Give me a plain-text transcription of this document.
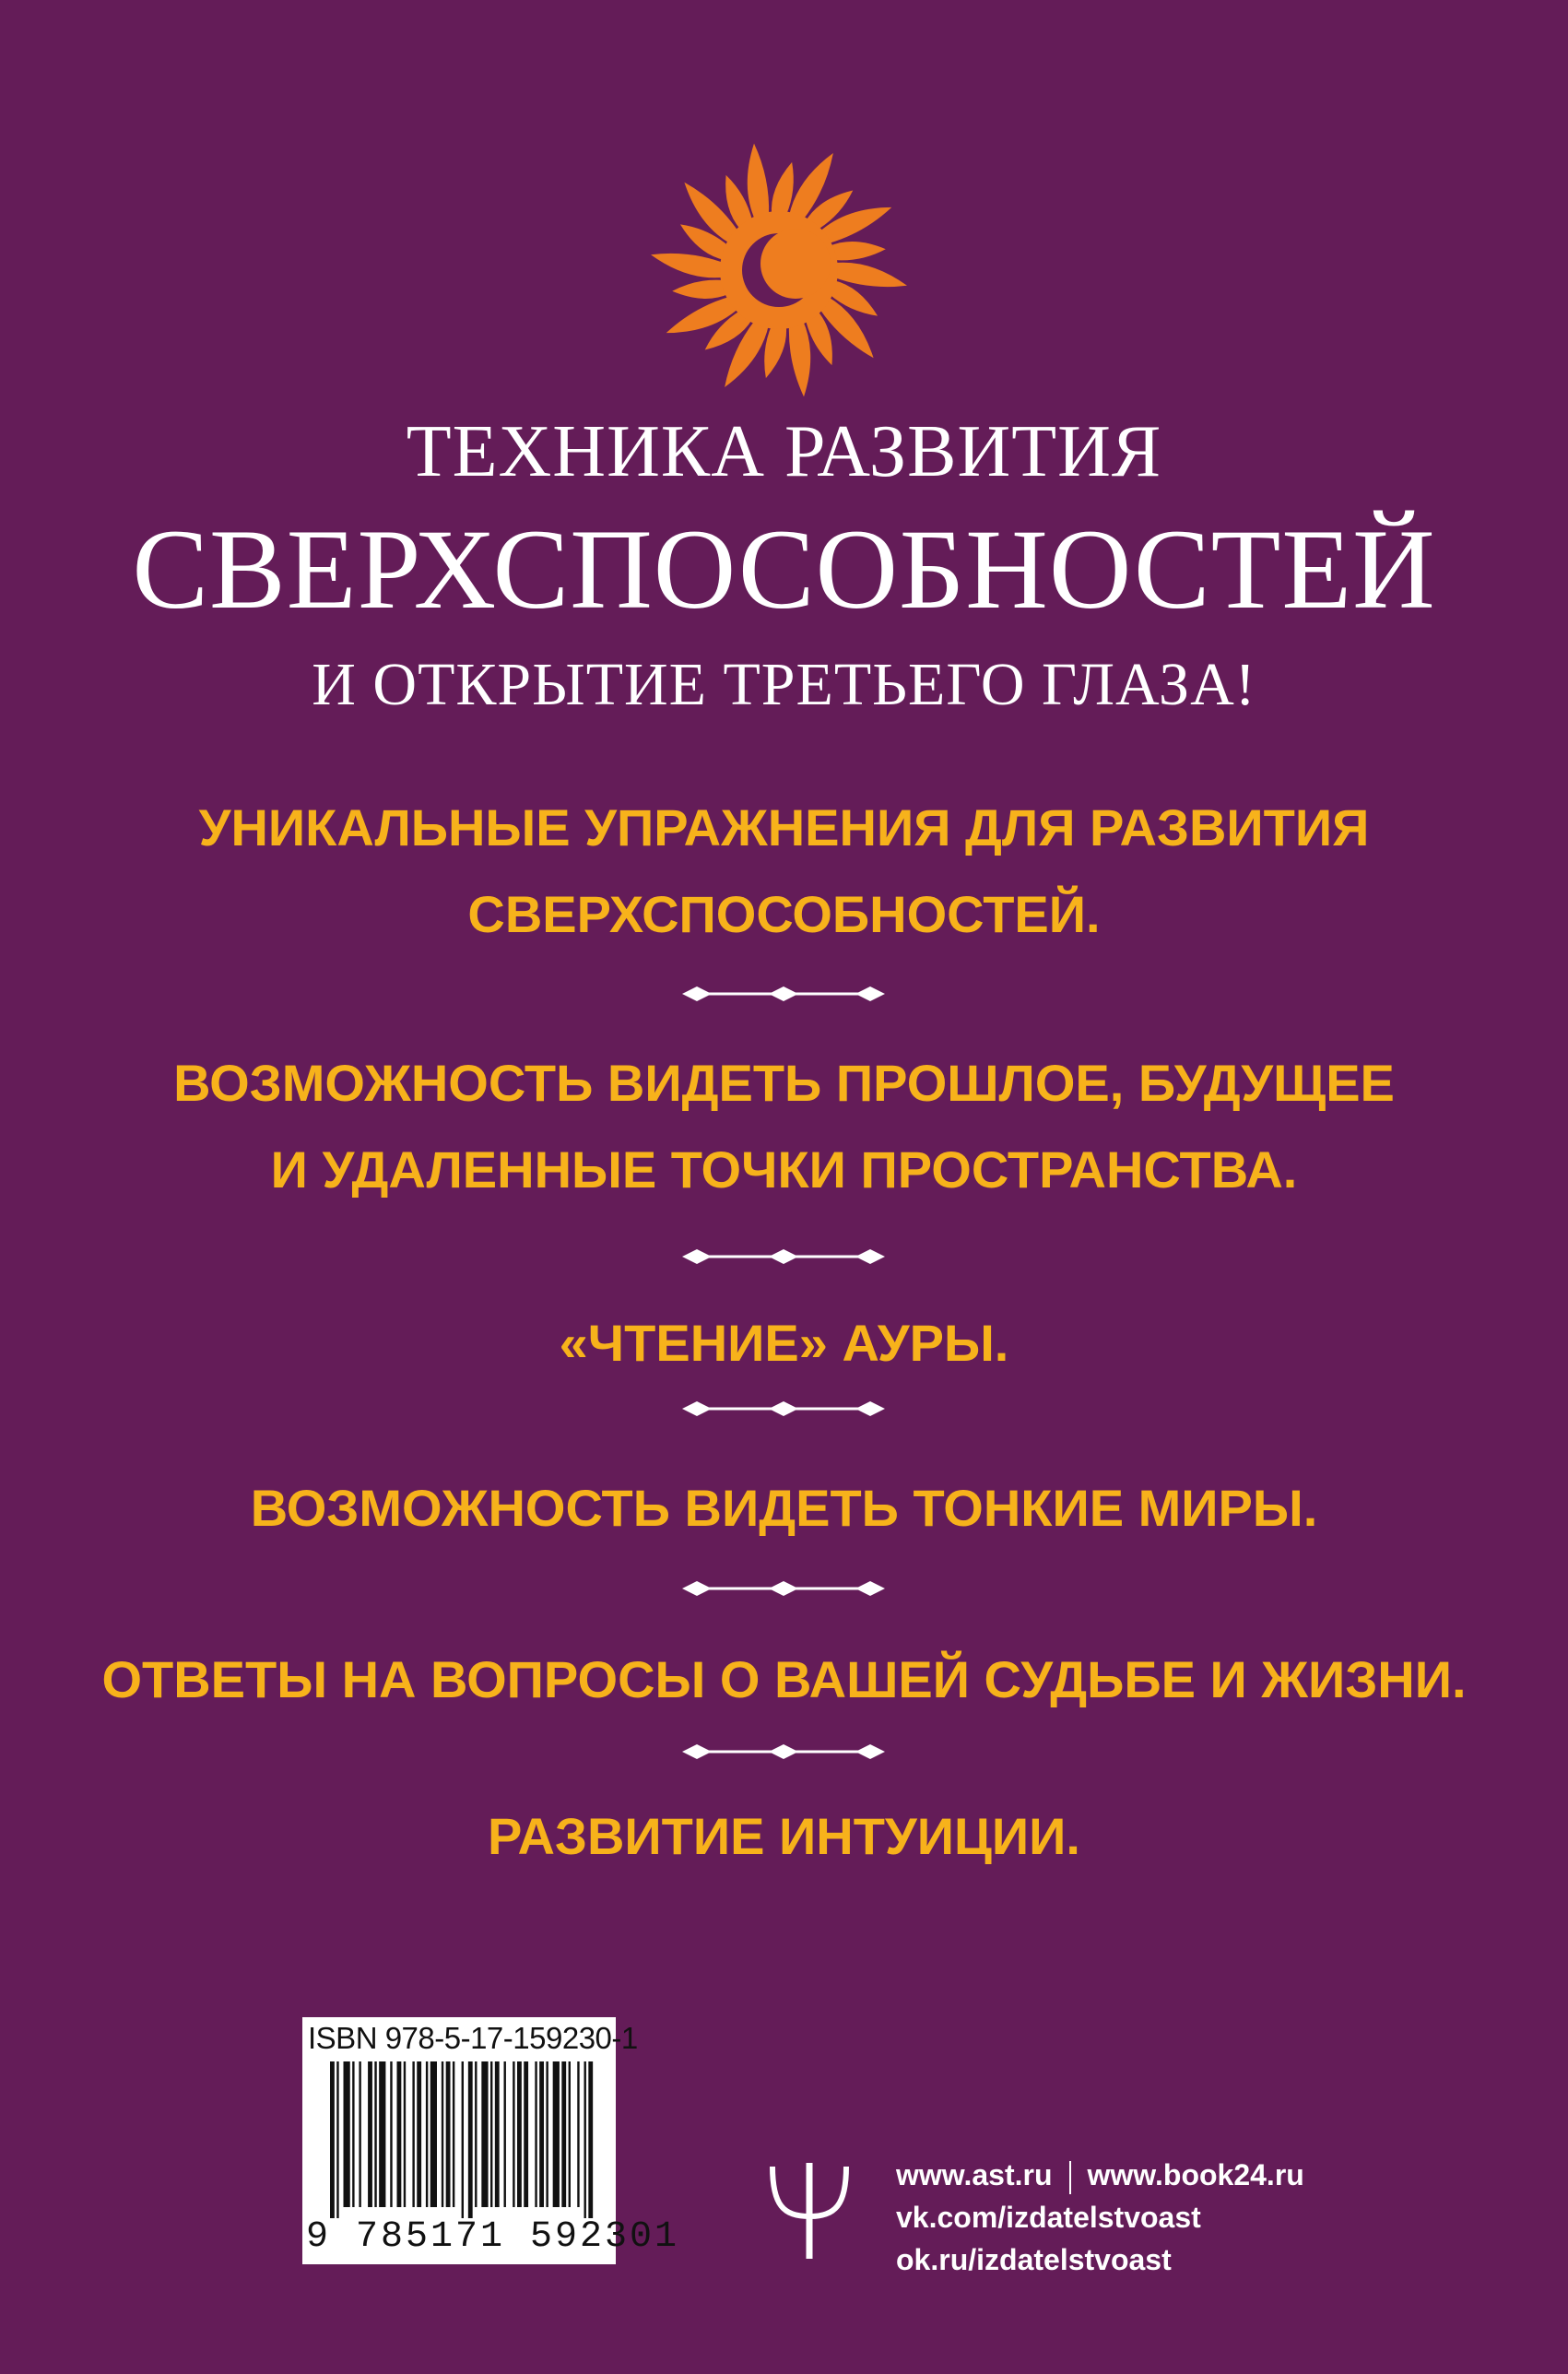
ТЕХНИКА РАЗВИТИЯ
СВЕРХСПОСОБНОСТЕЙ
И ОТКРЫТИЕ ТРЕТЬЕГО ГЛАЗА!
УНИКАЛЬНЫЕ УПРАЖНЕНИЯ ДЛЯ РАЗВИТИЯ
СВЕРХСПОСОБНОСТЕЙ.
ВОЗМОЖНОСТЬ ВИДЕТЬ ПРОШЛОЕ, БУДУЩЕЕ
И УДАЛЕННЫЕ ТОЧКИ ПРОСТРАНСТВА.
«ЧТЕНИЕ» АУРЫ.
ВОЗМОЖНОСТЬ ВИДЕТЬ ТОНКИЕ МИРЫ.
ОТВЕТЫ НА ВОПРОСЫ О ВАШЕЙ СУДЬБЕ И ЖИЗНИ.
РАЗВИТИЕ ИНТУИЦИИ.
ISBN 978-5-17-159230-1
9 785171 592301
www.ast.ru www.book24.ru
vk.com/izdatelstvoast
ok.ru/izdatelstvoast
